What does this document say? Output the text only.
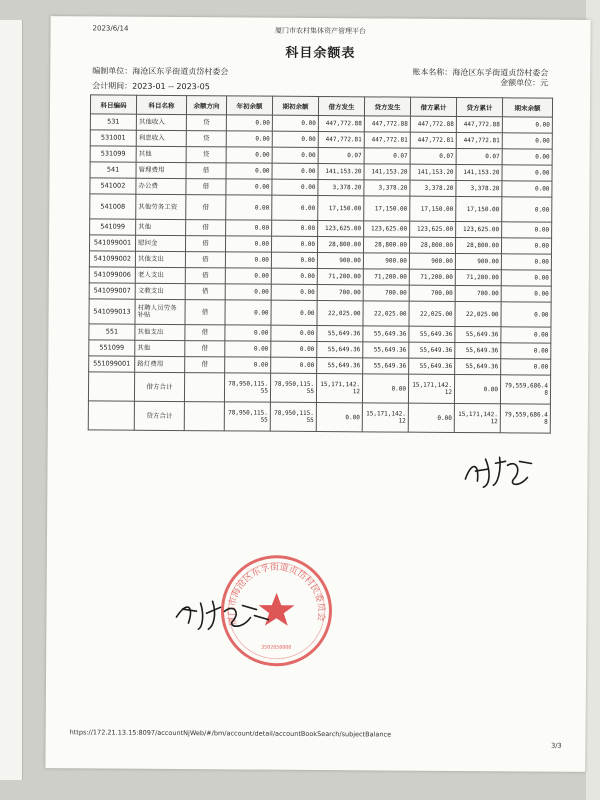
2023/6/14	厦门市农村集体资产管理平台
科目余额表
编制单位：海沧区东孚街道贞岱村委会	账本名称：海沧区东孚街道贞岱村委会
会计期间：2023-01 -- 2023-05	金额单位：元
科目编码	科目名称	余额方向	年初余额	期初余额	借方发生	贷方发生	借方累计	贷方累计	期末余额
531	其他收入	贷	0.00	0.00	447,772.88	447,772.88	447,772.88	447,772.88	0.00
531001	利息收入	贷	0.00	0.00	447,772.81	447,772.81	447,772.81	447,772.81	0.00
531099	其他	贷	0.00	0.00	0.07	0.07	0.07	0.07	0.00
541	管理费用	借	0.00	0.00	141,153.20	141,153.20	141,153.20	141,153.20	0.00
541002	办公费	借	0.00	0.00	3,378.20	3,378.20	3,378.20	3,378.20	0.00
541008	其他劳务工资	借	0.00	0.00	17,150.00	17,150.00	17,150.00	17,150.00	0.00
541099	其他	借	0.00	0.00	123,625.00	123,625.00	123,625.00	123,625.00	0.00
541099001	慰问金	借	0.00	0.00	28,800.00	28,800.00	28,800.00	28,800.00	0.00
541099002	其他支出	借	0.00	0.00	900.00	900.00	900.00	900.00	0.00
541099006	老人支出	借	0.00	0.00	71,200.00	71,200.00	71,200.00	71,200.00	0.00
541099007	文教支出	借	0.00	0.00	700.00	700.00	700.00	700.00	0.00
541099013	村聘人员劳务补贴	借	0.00	0.00	22,025.00	22,025.00	22,025.00	22,025.00	0.00
551	其他支出	借	0.00	0.00	55,649.36	55,649.36	55,649.36	55,649.36	0.00
551099	其他	借	0.00	0.00	55,649.36	55,649.36	55,649.36	55,649.36	0.00
551099001	路灯费用	借	0.00	0.00	55,649.36	55,649.36	55,649.36	55,649.36	0.00
	借方合计		78,950,115.55	78,950,115.55	15,171,142.12	0.00	15,171,142.12	0.00	79,559,686.48
	贷方合计		78,950,115.55	78,950,115.55	0.00	15,171,142.12	0.00	15,171,142.12	79,559,686.48
厦门市海沧区东孚街道贞岱村民委员会
3502050000
https://172.21.13.15:8097/accountNjWeb/#/bm/account/detail/accountBookSearch/subjectBalance
3/3
